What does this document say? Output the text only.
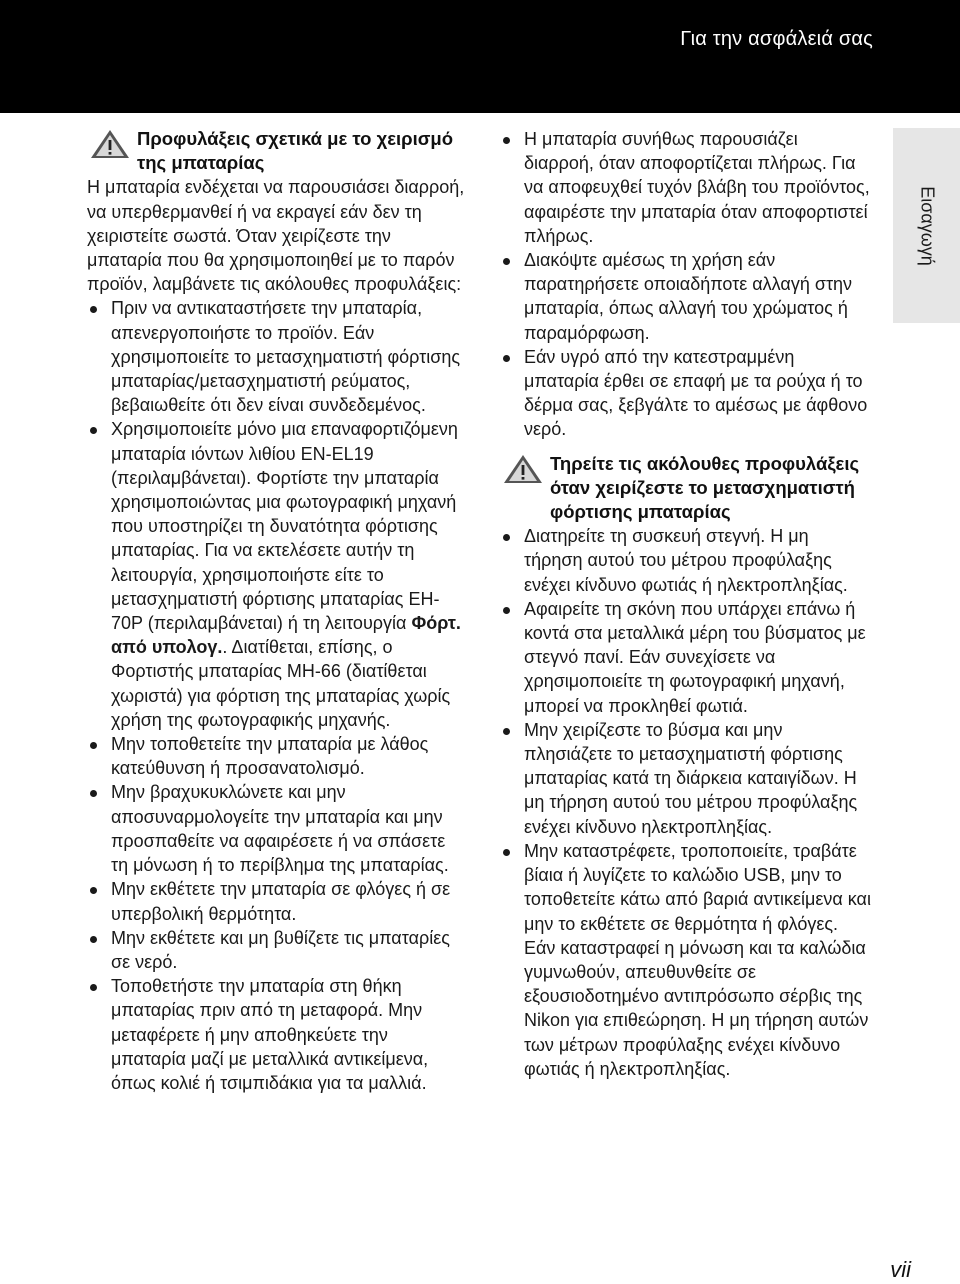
Για την ασφάλειά σας
Εισαγωγή
Προφυλάξεις σχετικά με το χειρισμό της μπαταρίας

Η μπαταρία ενδέχεται να παρουσιάσει διαρροή, να υπερθερμανθεί ή να εκραγεί εάν δεν τη χειριστείτε σωστά. Όταν χειρίζεστε την μπαταρία που θα χρησιμοποιηθεί με το παρόν προϊόν, λαμβάνετε τις ακόλουθες προφυλάξεις:

Πριν να αντικαταστήσετε την μπαταρία, απενεργοποιήστε το προϊόν. Εάν χρησιμοποιείτε το μετασχηματιστή φόρτισης μπαταρίας/μετασχηματιστή ρεύματος, βεβαιωθείτε ότι δεν είναι συνδεδεμένος.
Χρησιμοποιείτε μόνο μια επαναφορτιζόμενη μπαταρία ιόντων λιθίου EN-EL19 (περιλαμβάνεται). Φορτίστε την μπαταρία χρησιμοποιώντας μια φωτογραφική μηχανή που υποστηρίζει τη δυνατότητα φόρτισης μπαταρίας. Για να εκτελέσετε αυτήν τη λειτουργία, χρησιμοποιήστε είτε το μετασχηματιστή φόρτισης μπαταρίας EH-70P (περιλαμβάνεται) ή τη λειτουργία Φόρτ. από υπολογ.. Διατίθεται, επίσης, ο Φορτιστής μπαταρίας MH-66 (διατίθεται χωριστά) για φόρτιση της μπαταρίας χωρίς χρήση της φωτογραφικής μηχανής.
Μην τοποθετείτε την μπαταρία με λάθος κατεύθυνση ή προσανατολισμό.
Μην βραχυκυκλώνετε και μην αποσυναρμολογείτε την μπαταρία και μην προσπαθείτε να αφαιρέσετε ή να σπάσετε τη μόνωση ή το περίβλημα της μπαταρίας.
Μην εκθέτετε την μπαταρία σε φλόγες ή σε υπερβολική θερμότητα.
Μην εκθέτετε και μη βυθίζετε τις μπαταρίες σε νερό.
Τοποθετήστε την μπαταρία στη θήκη μπαταρίας πριν από τη μεταφορά. Μην μεταφέρετε ή μην αποθηκεύετε την μπαταρία μαζί με μεταλλικά αντικείμενα, όπως κολιέ ή τσιμπιδάκια για τα μαλλιά.
Η μπαταρία συνήθως παρουσιάζει διαρροή, όταν αποφορτίζεται πλήρως. Για να αποφευχθεί τυχόν βλάβη του προϊόντος, αφαιρέστε την μπαταρία όταν αποφορτιστεί πλήρως.
Διακόψτε αμέσως τη χρήση εάν παρατηρήσετε οποιαδήποτε αλλαγή στην μπαταρία, όπως αλλαγή του χρώματος ή παραμόρφωση.
Εάν υγρό από την κατεστραμμένη μπαταρία έρθει σε επαφή με τα ρούχα ή το δέρμα σας, ξεβγάλτε το αμέσως με άφθονο νερό.
Τηρείτε τις ακόλουθες προφυλάξεις όταν χειρίζεστε το μετασχηματιστή φόρτισης μπαταρίας
Διατηρείτε τη συσκευή στεγνή. Η μη τήρηση αυτού του μέτρου προφύλαξης ενέχει κίνδυνο φωτιάς ή ηλεκτροπληξίας.
Αφαιρείτε τη σκόνη που υπάρχει επάνω ή κοντά στα μεταλλικά μέρη του βύσματος με στεγνό πανί. Εάν συνεχίσετε να χρησιμοποιείτε τη φωτογραφική μηχανή, μπορεί να προκληθεί φωτιά.
Μην χειρίζεστε το βύσμα και μην πλησιάζετε το μετασχηματιστή φόρτισης μπαταρίας κατά τη διάρκεια καταιγίδων. Η μη τήρηση αυτού του μέτρου προφύλαξης ενέχει κίνδυνο ηλεκτροπληξίας.
Μην καταστρέφετε, τροποποιείτε, τραβάτε βίαια ή λυγίζετε το καλώδιο USB, μην το τοποθετείτε κάτω από βαριά αντικείμενα και μην το εκθέτετε σε θερμότητα ή φλόγες. Εάν καταστραφεί η μόνωση και τα καλώδια γυμνωθούν, απευθυνθείτε σε εξουσιοδοτημένο αντιπρόσωπο σέρβις της Nikon για επιθεώρηση. Η μη τήρηση αυτών των μέτρων προφύλαξης ενέχει κίνδυνο φωτιάς ή ηλεκτροπληξίας.
vii
